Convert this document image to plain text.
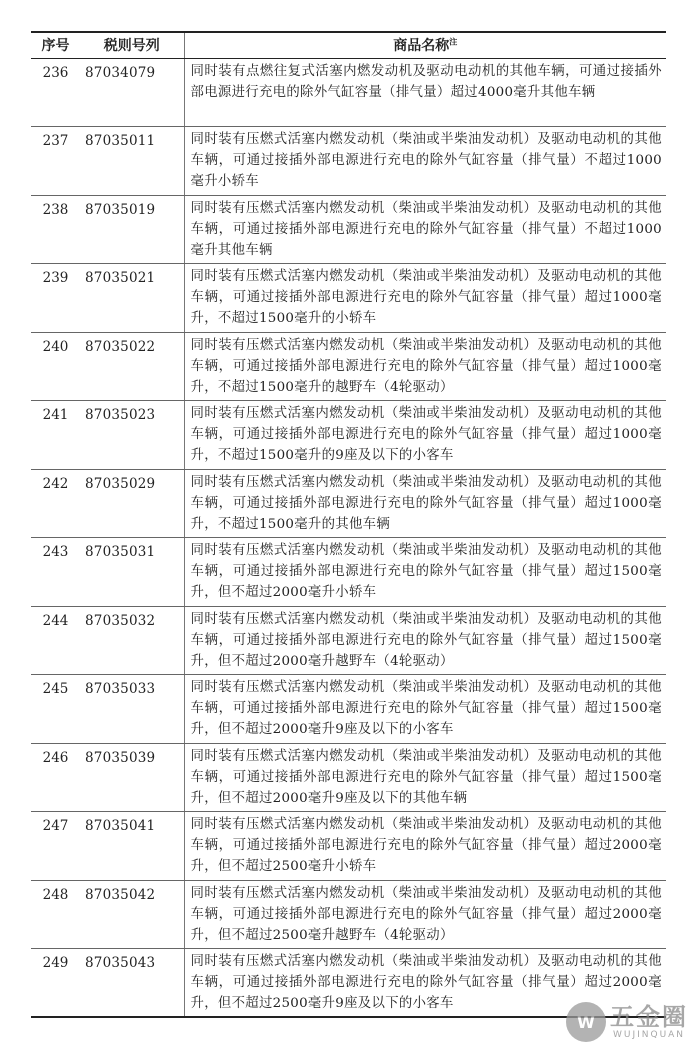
序号	税则号列	商品名称$^注$
236	87034079	同时装有点燃往复式活塞内燃发动机及驱动电动机的其他车辆，可通过接插外部电源进行充电的除外气缸容量（排气量）超过4000毫升其他车辆
237	87035011	同时装有压燃式活塞内燃发动机（柴油或半柴油发动机）及驱动电动机的其他车辆，可通过接插外部电源进行充电的除外气缸容量（排气量）不超过1000毫升小轿车
238	87035019	同时装有压燃式活塞内燃发动机（柴油或半柴油发动机）及驱动电动机的其他车辆，可通过接插外部电源进行充电的除外气缸容量（排气量）不超过1000毫升其他车辆
239	87035021	同时装有压燃式活塞内燃发动机（柴油或半柴油发动机）及驱动电动机的其他车辆，可通过接插外部电源进行充电的除外气缸容量（排气量）超过1000毫升，不超过1500毫升的小轿车
240	87035022	同时装有压燃式活塞内燃发动机（柴油或半柴油发动机）及驱动电动机的其他车辆，可通过接插外部电源进行充电的除外气缸容量（排气量）超过1000毫升，不超过1500毫升的越野车（4轮驱动）
241	87035023	同时装有压燃式活塞内燃发动机（柴油或半柴油发动机）及驱动电动机的其他车辆，可通过接插外部电源进行充电的除外气缸容量（排气量）超过1000毫升，不超过1500毫升的9座及以下的小客车
242	87035029	同时装有压燃式活塞内燃发动机（柴油或半柴油发动机）及驱动电动机的其他车辆，可通过接插外部电源进行充电的除外气缸容量（排气量）超过1000毫升，不超过1500毫升的其他车辆
243	87035031	同时装有压燃式活塞内燃发动机（柴油或半柴油发动机）及驱动电动机的其他车辆，可通过接插外部电源进行充电的除外气缸容量（排气量）超过1500毫升，但不超过2000毫升小轿车
244	87035032	同时装有压燃式活塞内燃发动机（柴油或半柴油发动机）及驱动电动机的其他车辆，可通过接插外部电源进行充电的除外气缸容量（排气量）超过1500毫升，但不超过2000毫升越野车（4轮驱动）
245	87035033	同时装有压燃式活塞内燃发动机（柴油或半柴油发动机）及驱动电动机的其他车辆，可通过接插外部电源进行充电的除外气缸容量（排气量）超过1500毫升，但不超过2000毫升9座及以下的小客车
246	87035039	同时装有压燃式活塞内燃发动机（柴油或半柴油发动机）及驱动电动机的其他车辆，可通过接插外部电源进行充电的除外气缸容量（排气量）超过1500毫升，但不超过2000毫升9座及以下的其他车辆
247	87035041	同时装有压燃式活塞内燃发动机（柴油或半柴油发动机）及驱动电动机的其他车辆，可通过接插外部电源进行充电的除外气缸容量（排气量）超过2000毫升，但不超过2500毫升小轿车
248	87035042	同时装有压燃式活塞内燃发动机（柴油或半柴油发动机）及驱动电动机的其他车辆，可通过接插外部电源进行充电的除外气缸容量（排气量）超过2000毫升，但不超过2500毫升越野车（4轮驱动）
249	87035043	同时装有压燃式活塞内燃发动机（柴油或半柴油发动机）及驱动电动机的其他车辆，可通过接插外部电源进行充电的除外气缸容量（排气量）超过2000毫升，但不超过2500毫升9座及以下的小客车
W 五金圈
WUJINQUAN
